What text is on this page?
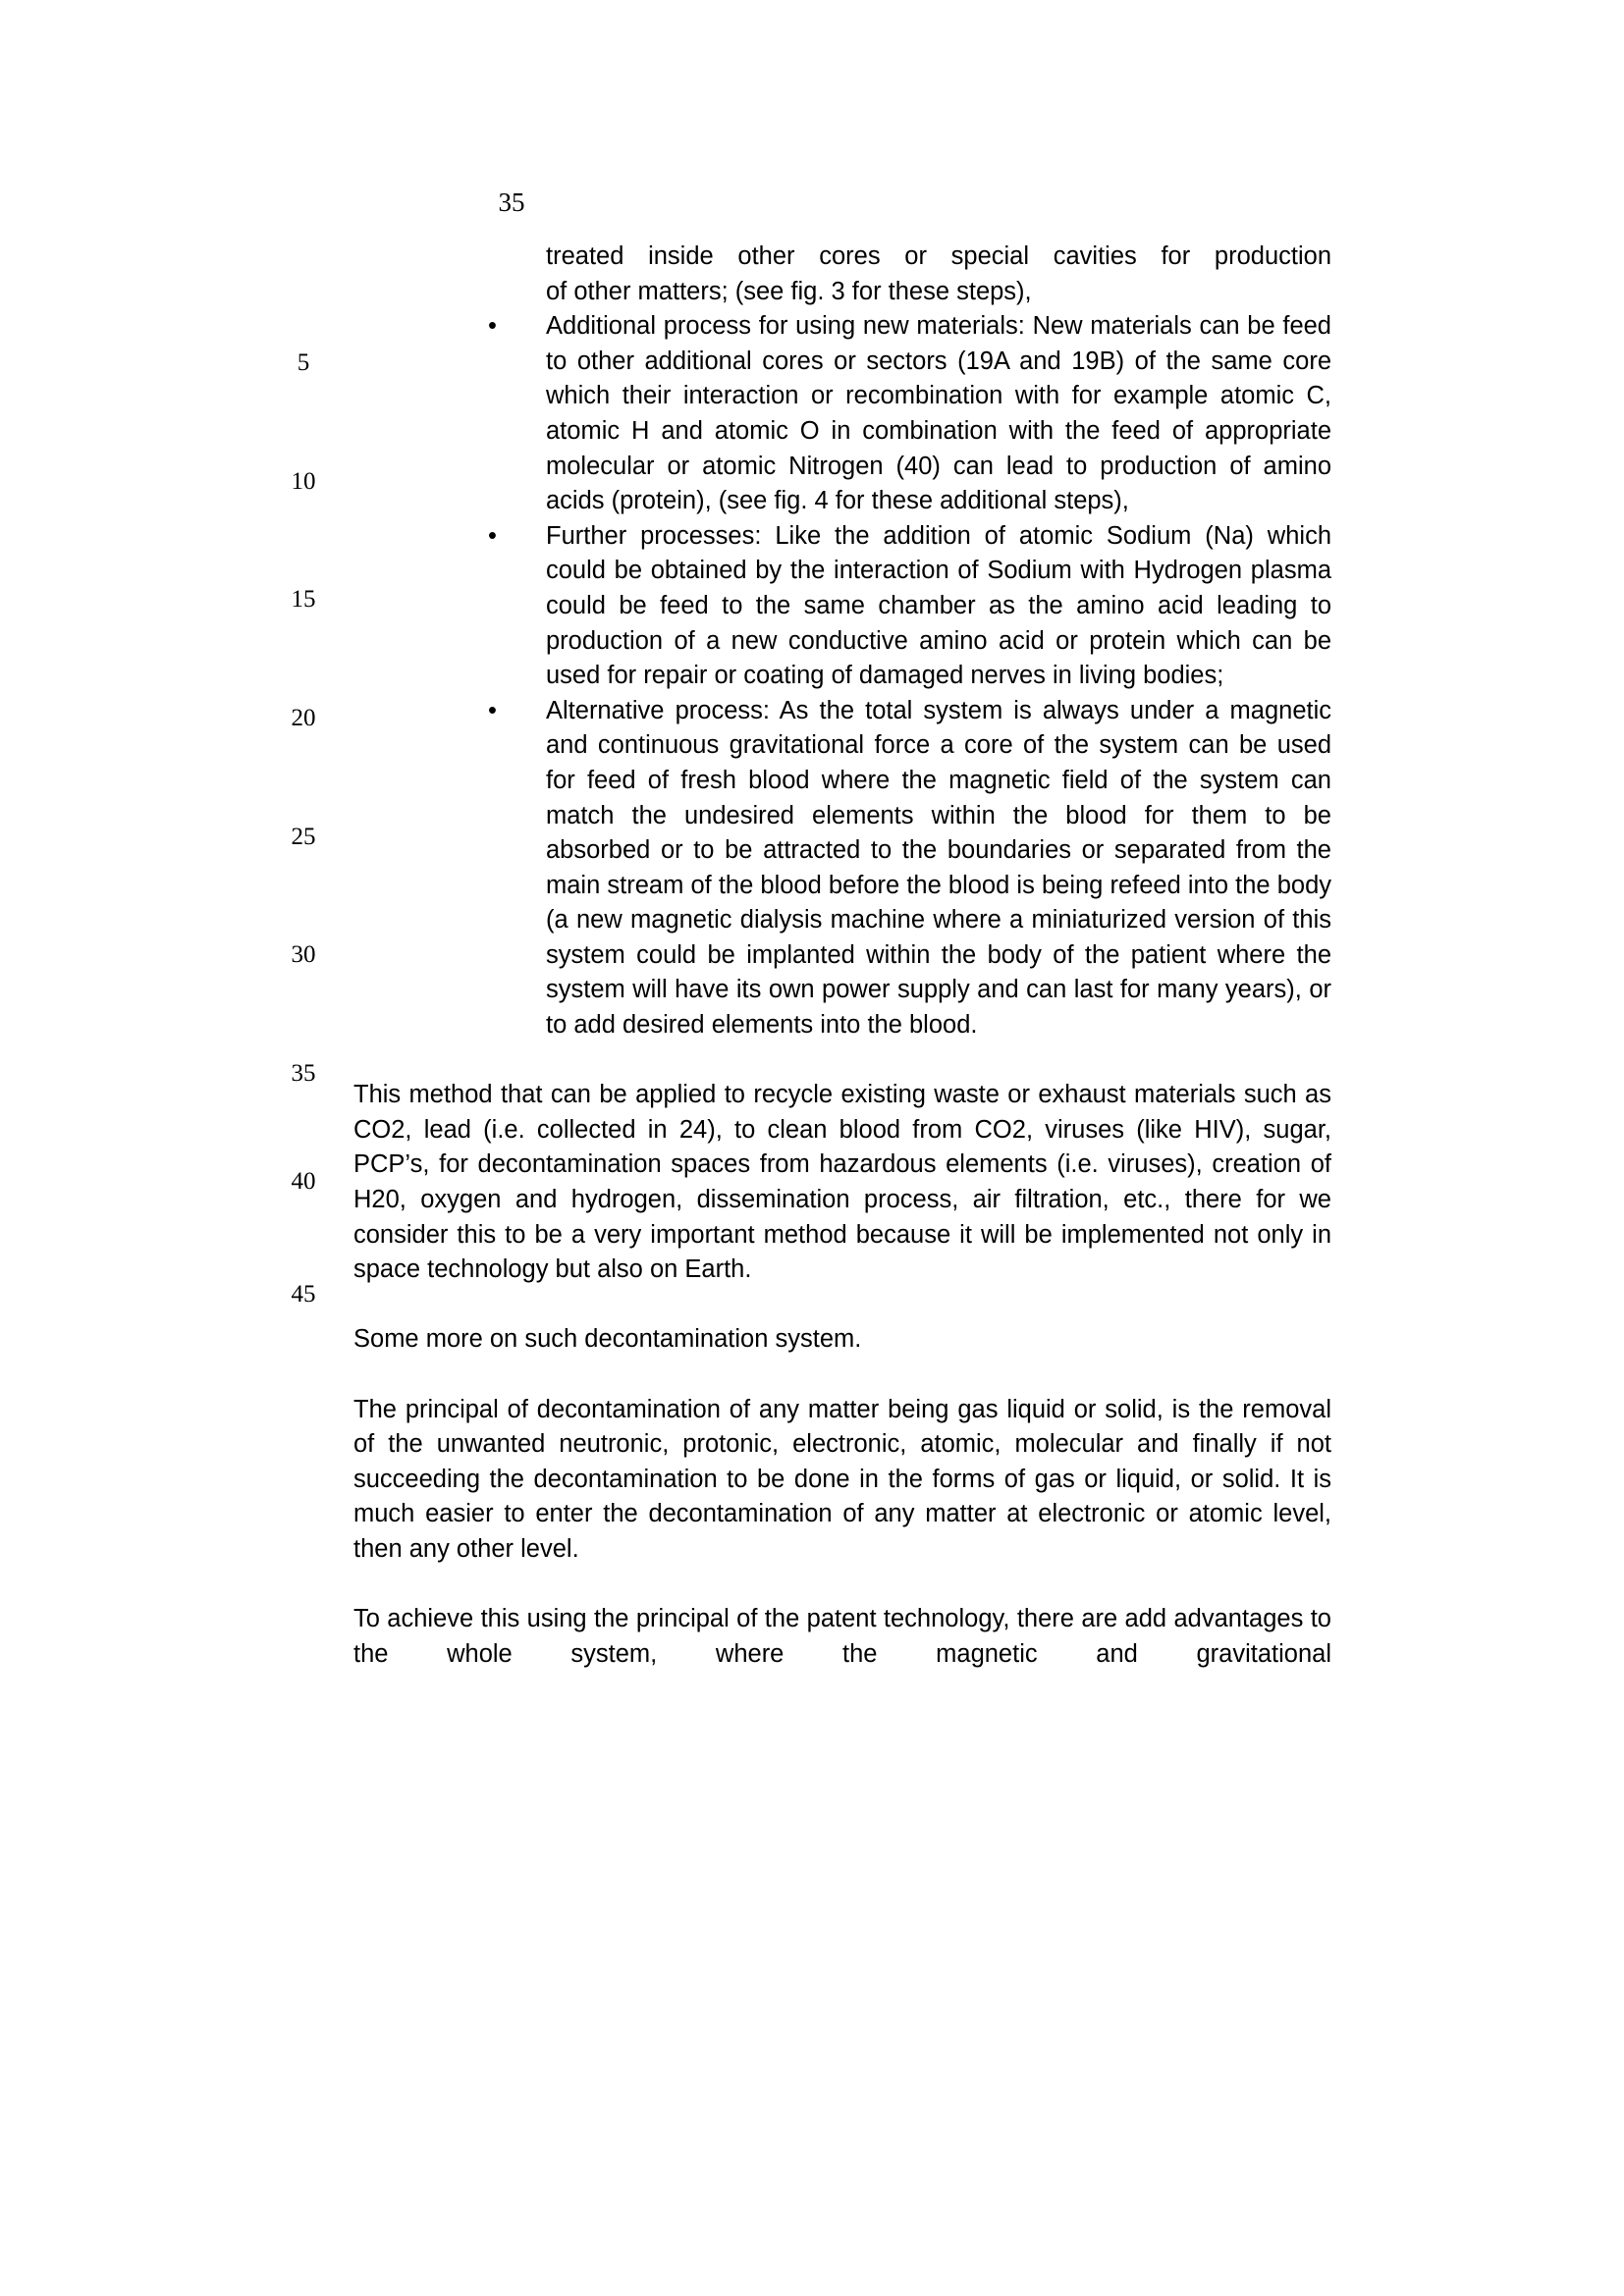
35
5
10
15
20
25
30
35
40
45
treated inside other cores or special cavities for production
of other matters; (see fig. 3 for these steps),
•	Additional process for using new materials: New materials can be feed to other additional cores or sectors (19A and 19B) of the same core which their interaction or recombination with for example atomic C, atomic H and atomic O in combination with the feed of appropriate molecular or atomic Nitrogen (40) can lead to production of amino acids (protein), (see fig. 4 for these additional steps),
•	Further processes: Like the addition of atomic Sodium (Na) which could be obtained by the interaction of Sodium with Hydrogen plasma could be feed to the same chamber as the amino acid leading to production of a new conductive amino acid or protein which can be used for repair or coating of damaged nerves in living bodies;
•	Alternative process: As the total system is always under a magnetic and continuous gravitational force a core of the system can be used for feed of fresh blood where the magnetic field of the system can match the undesired elements within the blood for them to be absorbed or to be attracted to the boundaries or separated from the main stream of the blood before the blood is being refeed into the body (a new magnetic dialysis machine where a miniaturized version of this system could be implanted within the body of the patient where the system will have its own power supply and can last for many years), or to add desired elements into the blood.

This method that can be applied to recycle existing waste or exhaust materials such as CO2, lead (i.e. collected in 24), to clean blood from CO2, viruses (like HIV), sugar, PCP’s, for decontamination spaces from hazardous elements (i.e. viruses), creation of H20, oxygen and hydrogen, dissemination process, air filtration, etc., there for we consider this to be a very important method because it will be implemented not only in space technology but also on Earth.

Some more on such decontamination system.

The principal of decontamination of any matter being gas liquid or solid, is the removal of the unwanted neutronic, protonic, electronic, atomic, molecular and finally if not succeeding the decontamination to be done in the forms of gas or liquid, or solid. It is much easier to enter the decontamination of any matter at electronic or atomic level, then any other level.

To achieve this using the principal of the patent technology, there are add advantages to the whole system, where the magnetic and gravitational
